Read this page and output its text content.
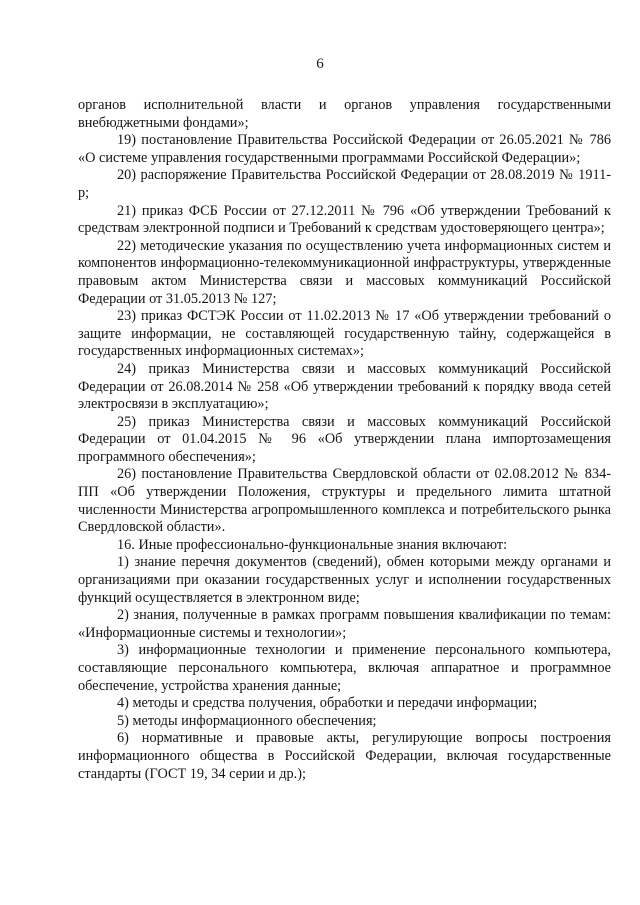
6

органов исполнительной власти и органов управления государственными внебюджетными фондами»;

19) постановление Правительства Российской Федерации от 26.05.2021 № 786 «О системе управления государственными программами Российской Федерации»;

20) распоряжение Правительства Российской Федерации от 28.08.2019 № 1911-р;

21) приказ ФСБ России от 27.12.2011 № 796 «Об утверждении Требований к средствам электронной подписи и Требований к средствам удостоверяющего центра»;

22) методические указания по осуществлению учета информационных систем и компонентов информационно-телекоммуникационной инфраструктуры, утвержденные правовым актом Министерства связи и массовых коммуникаций Российской Федерации от 31.05.2013 № 127;

23) приказ ФСТЭК России от 11.02.2013 № 17 «Об утверждении требований о защите информации, не составляющей государственную тайну, содержащейся в государственных информационных системах»;

24) приказ Министерства связи и массовых коммуникаций Российской Федерации от 26.08.2014 № 258 «Об утверждении требований к порядку ввода сетей электросвязи в эксплуатацию»;

25) приказ Министерства связи и массовых коммуникаций Российской Федерации от 01.04.2015 № 96 «Об утверждении плана импортозамещения программного обеспечения»;

26) постановление Правительства Свердловской области от 02.08.2012 № 834-ПП «Об утверждении Положения, структуры и предельного лимита штатной численности Министерства агропромышленного комплекса и потребительского рынка Свердловской области».

16. Иные профессионально-функциональные знания включают:

1) знание перечня документов (сведений), обмен которыми между органами и организациями при оказании государственных услуг и исполнении государственных функций осуществляется в электронном виде;

2) знания, полученные в рамках программ повышения квалификации по темам: «Информационные системы и технологии»;

3) информационные технологии и применение персонального компьютера, составляющие персонального компьютера, включая аппаратное и программное обеспечение, устройства хранения данные;

4) методы и средства получения, обработки и передачи информации;

5) методы информационного обеспечения;

6) нормативные и правовые акты, регулирующие вопросы построения информационного общества в Российской Федерации, включая государственные стандарты (ГОСТ 19, 34 серии и др.);
